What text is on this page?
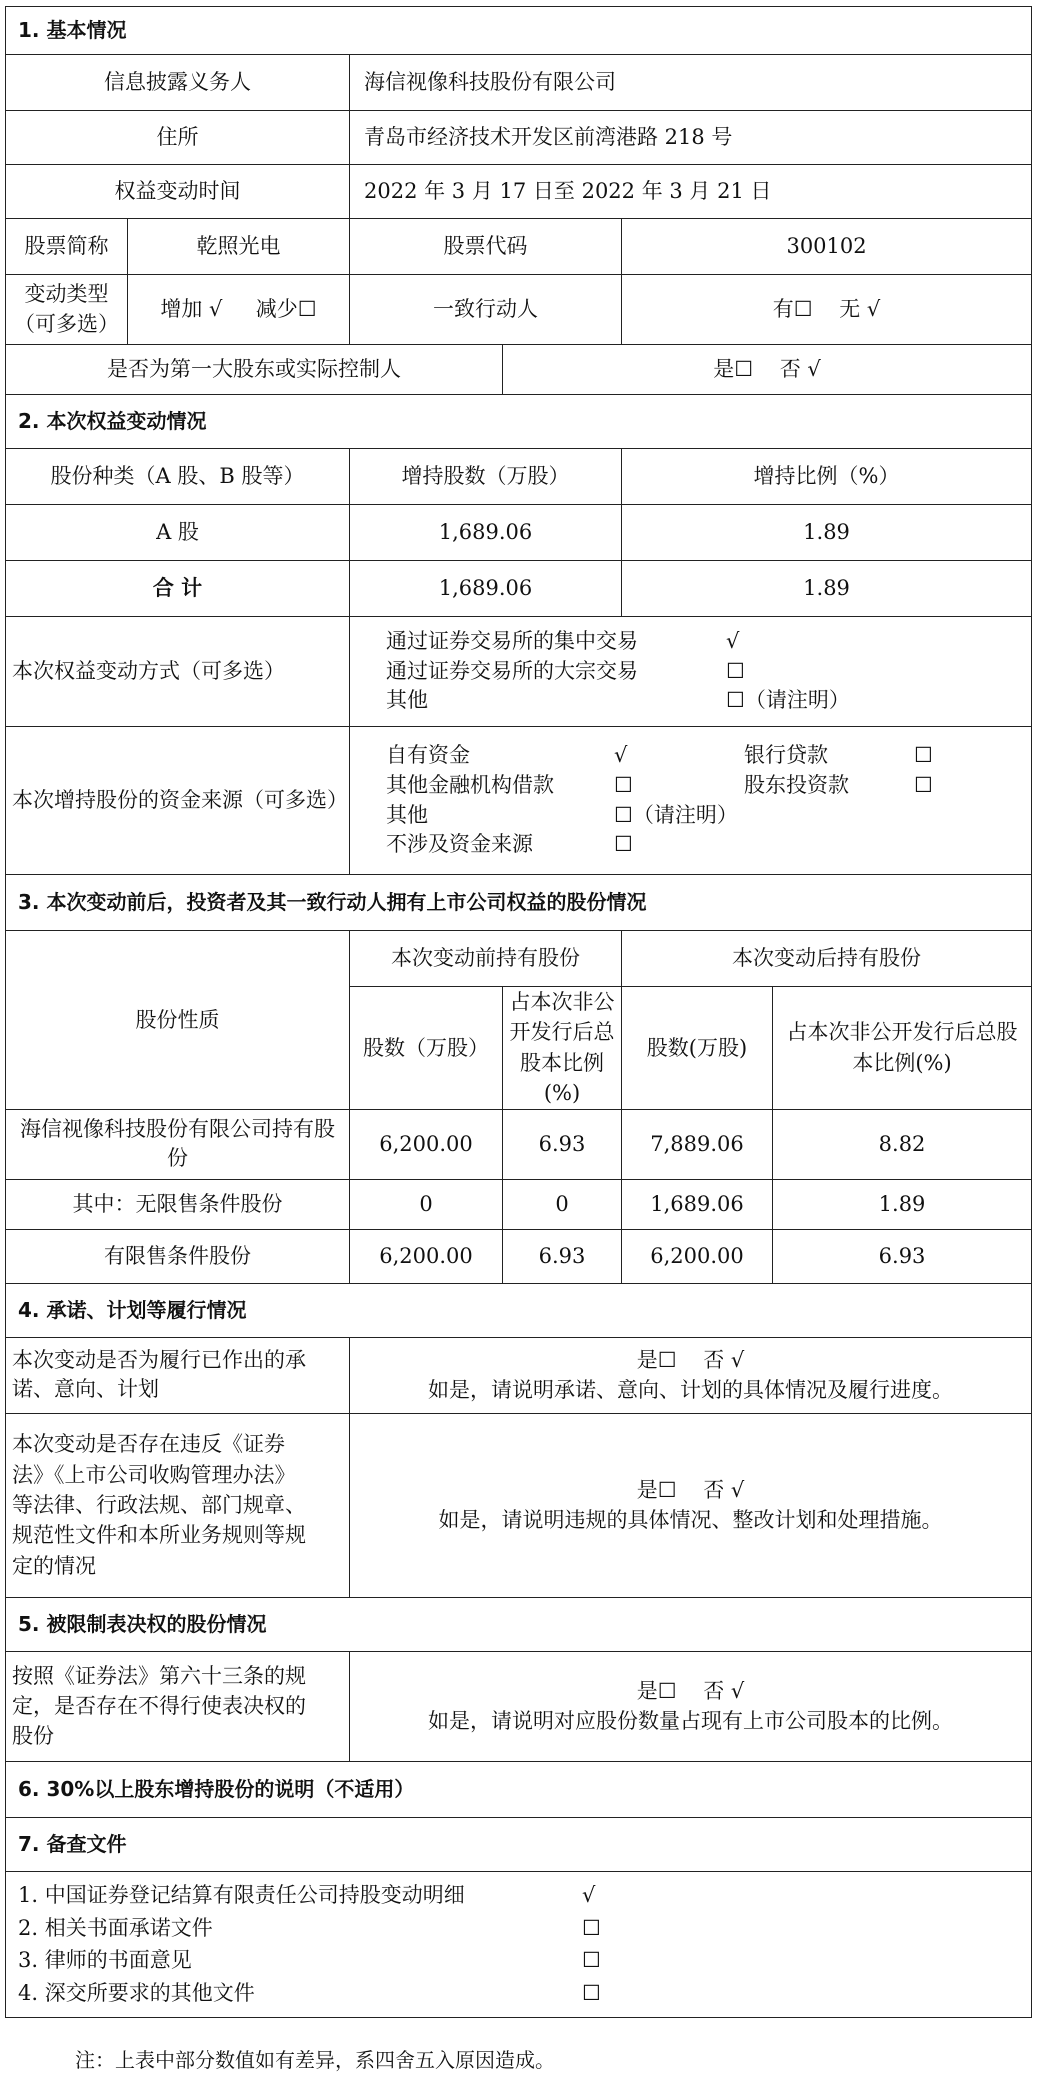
1. 基本情况					
信息披露义务人		海信视像科技股份有限公司			
住所		青岛市经济技术开发区前湾港路 218 号			
权益变动时间		2022 年 3 月 17 日至 2022 年 3 月 21 日			
股票简称	乾照光电	股票代码		300102	
变动类型（可多选）	增加 √     减少☐	一致行动人		有☐    无 √	
是否为第一大股东或实际控制人			是☐    否 √		
2. 本次权益变动情况					
股份种类（A 股、B 股等）		增持股数（万股）		增持比例（%）	
A 股		1,689.06		1.89	
合 计		1,689.06		1.89	
本次权益变动方式（可多选）		通过证券交易所的集中交易 √
通过证券交易所的大宗交易 ☐
其他 ☐（请注明）			

本次增持股份的资金来源（可多选）		自有资金 √ 银行贷款 ☐
其他金融机构借款 ☐ 股东投资款 ☐
其他 ☐（请注明）
不涉及资金来源 ☐			

3. 本次变动前后，投资者及其一致行动人拥有上市公司权益的股份情况					
股份性质		本次变动前持有股份		本次变动后持有股份	
		股数（万股）	占本次非公开发行后总股本比例(%)	股数(万股)	占本次非公开发行后总股本比例(%)
海信视像科技股份有限公司持有股份		6,200.00	6.93	7,889.06	8.82
其中：无限售条件股份		0	0	1,689.06	1.89
有限售条件股份		6,200.00	6.93	6,200.00	6.93
4. 承诺、计划等履行情况					

本次变动是否为履行已作出的承诺、意向、计划		是☐    否 √
如是，请说明承诺、意向、计划的具体情况及履行进度。			

本次变动是否存在违反《证券法》《上市公司收购管理办法》等法律、行政法规、部门规章、规范性文件和本所业务规则等规定的情况		是☐    否 √
如是，请说明违规的具体情况、整改计划和处理措施。			

5. 被限制表决权的股份情况					

按照《证券法》第六十三条的规定，是否存在不得行使表决权的股份		是☐    否 √
如是，请说明对应股份数量占现有上市公司股本的比例。			

6. 30%以上股东增持股份的说明（不适用）					
7. 备查文件					

1. 中国证券登记结算有限责任公司持股变动明细 √
2. 相关书面承诺文件 ☐
3. 律师的书面意见 ☐
4. 深交所要求的其他文件 ☐					
注：上表中部分数值如有差异，系四舍五入原因造成。
